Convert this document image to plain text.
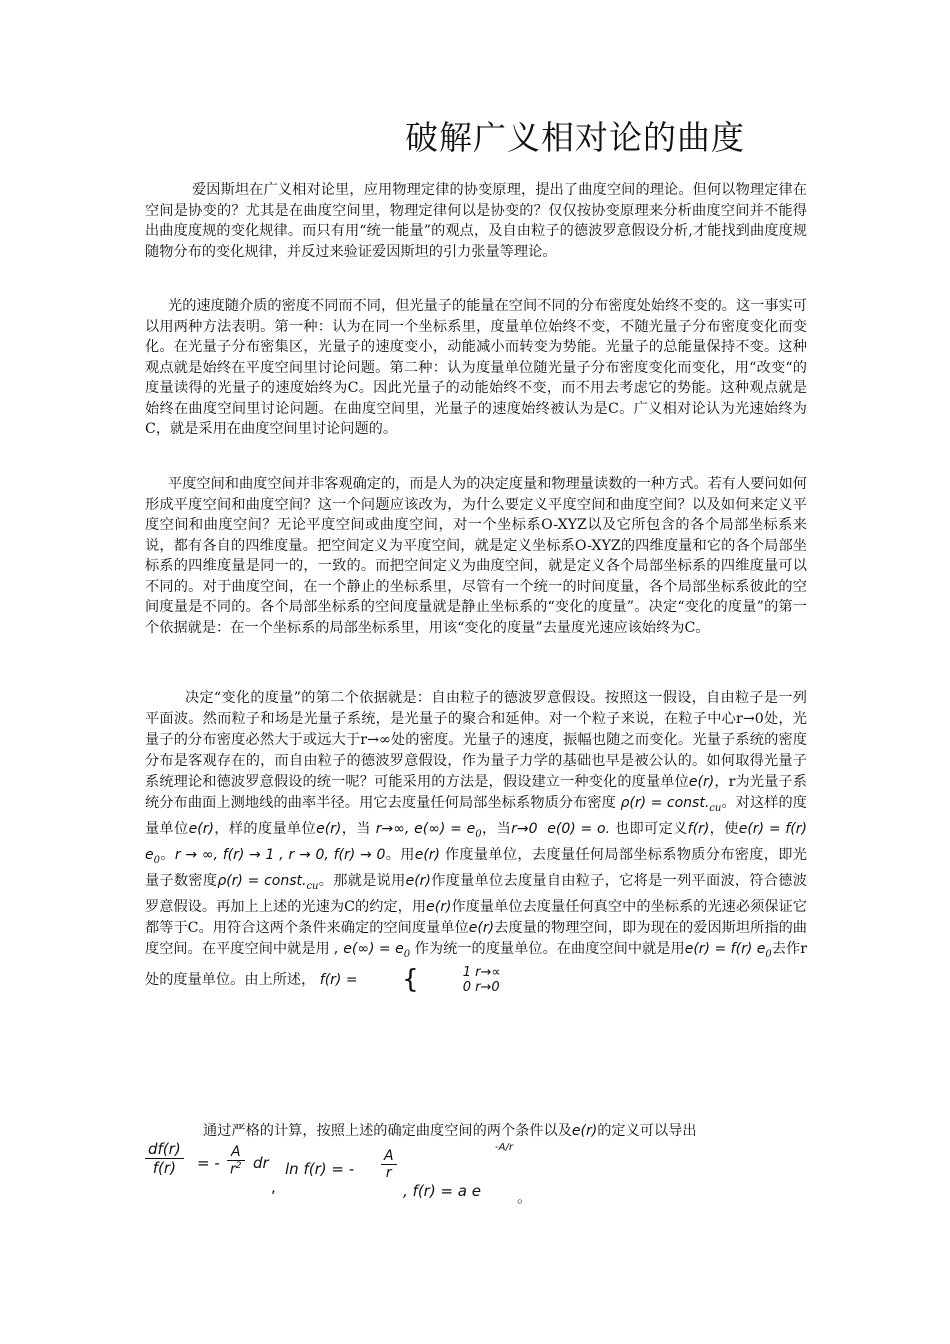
破解广义相对论的曲度

爱因斯坦在广义相对论里，应用物理定律的协变原理，提出了曲度空间的理论。但何以物理定律在空间是协变的？尤其是在曲度空间里，物理定律何以是协变的？仅仅按协变原理来分析曲度空间并不能得出曲度度规的变化规律。而只有用“统一能量”的观点，及自由粒子的德波罗意假设分析,才能找到曲度度规随物分布的变化规律，并反过来验证爱因斯坦的引力张量等理论。

光的速度随介质的密度不同而不同，但光量子的能量在空间不同的分布密度处始终不变的。这一事实可以用两种方法表明。第一种：认为在同一个坐标系里，度量单位始终不变，不随光量子分布密度变化而变化。在光量子分布密集区，光量子的速度变小，动能减小而转变为势能。光量子的总能量保持不变。这种观点就是始终在平度空间里讨论问题。第二种：认为度量单位随光量子分布密度变化而变化，用“改变“的度量读得的光量子的速度始终为C。因此光量子的动能始终不变，而不用去考虑它的势能。这种观点就是始终在曲度空间里讨论问题。在曲度空间里，光量子的速度始终被认为是C。广义相对论认为光速始终为C，就是采用在曲度空间里讨论问题的。

平度空间和曲度空间并非客观确定的，而是人为的决定度量和物理量读数的一种方式。若有人要问如何形成平度空间和曲度空间？这一个问题应该改为，为什么要定义平度空间和曲度空间？以及如何来定义平度空间和曲度空间？无论平度空间或曲度空间，对一个坐标系O-XYZ以及它所包含的各个局部坐标系来说，都有各自的四维度量。把空间定义为平度空间，就是定义坐标系O-XYZ的四维度量和它的各个局部坐标系的四维度量是同一的，一致的。而把空间定义为曲度空间，就是定义各个局部坐标系的四维度量可以不同的。对于曲度空间，在一个静止的坐标系里，尽管有一个统一的时间度量，各个局部坐标系彼此的空间度量是不同的。各个局部坐标系的空间度量就是静止坐标系的“变化的度量”。决定“变化的度量”的第一个依据就是：在一个坐标系的局部坐标系里，用该“变化的度量”去量度光速应该始终为C。

决定“变化的度量”的第二个依据就是：自由粒子的德波罗意假设。按照这一假设，自由粒子是一列平面波。然而粒子和场是光量子系统，是光量子的聚合和延伸。对一个粒子来说，在粒子中心r→0处，光量子的分布密度必然大于或远大于r→∞处的密度。光量子的速度，振幅也随之而变化。光量子系统的密度分布是客观存在的，而自由粒子的德波罗意假设，作为量子力学的基础也早是被公认的。如何取得光量子系统理论和德波罗意假设的统一呢？可能采用的方法是，假设建立一种变化的度量单位e(r)，r为光量子系统分布曲面上测地线的曲率半径。用它去度量任何局部坐标系物质分布密度 $\rho(r) = const._{cu}$。对这样的度量单位e(r)，样的度量单位e(r)，当 r→∞, $e(\infty) = e_0$，当r→0 e(0) = o. 也即可定义f(r)，使e(r) = f(r) $e_0$。r → ∞, f(r) → 1 , r → 0, f(r) → 0。用e(r) 作度量单位，去度量任何局部坐标系物质分布密度，即光量子数密度$\rho(r) = const._{cu}$。那就是说用e(r)作度量单位去度量自由粒子，它将是一列平面波，符合德波罗意假设。再加上上述的光速为C的约定，用e(r)作度量单位去度量任何真空中的坐标系的光速必须保证它都等于C。用符合这两个条件来确定的空间度量单位e(r)去度量的物理空间，即为现在的爱因斯坦所指的曲度空间。在平度空间中就是用 , $e(\infty) = e_0$ 作为统一的度量单位。在曲度空间中就是用e(r) = f(r) $e_0$去作r处的度量单位。由上所述， f(r) = {	1 r→∝
0 r→0

通过严格的计算，按照上述的确定曲度空间的两个条件以及e(r)的定义可以导出
$\frac{df(r)}{f(r)}$ = - $\frac{A}{r^2}$ dr
,
ln f(r) = - $\frac{A}{r}$
, f(r) = a e
-A/r
。
